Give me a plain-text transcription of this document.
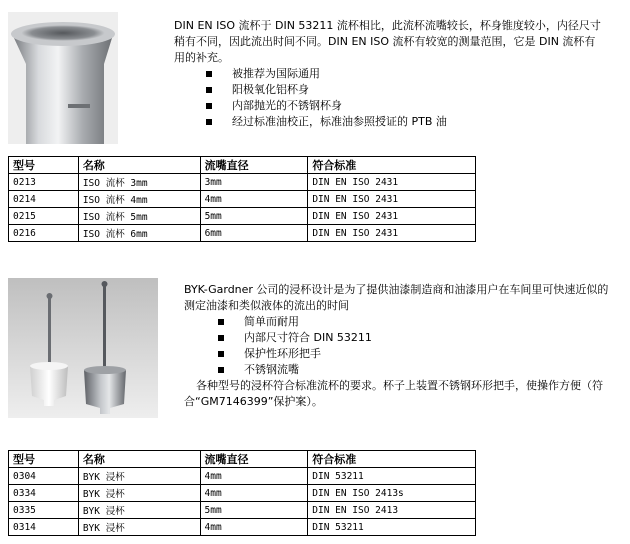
DIN EN ISO 流杯于 DIN 53211 流杯相比，此流杯流嘴较长，杯身锥度较小，内径尺寸稍有不同，因此流出时间不同。DIN EN ISO 流杯有较宽的测量范围，它是 DIN 流杯有用的补充。

被推荐为国际通用
阳极氧化铝杯身
内部抛光的不锈钢杯身
经过标准油校正，标准油参照授证的 PTB 油
型号	名称	流嘴直径	符合标准
0213	ISO 流杯 3mm	3mm	DIN EN ISO 2431
0214	ISO 流杯 4mm	4mm	DIN EN ISO 2431
0215	ISO 流杯 5mm	5mm	DIN EN ISO 2431
0216	ISO 流杯 6mm	6mm	DIN EN ISO 2431

BYK-Gardner 公司的浸杯设计是为了提供油漆制造商和油漆用户在车间里可快速近似的测定油漆和类似液体的流出的时间

简单而耐用
内部尺寸符合 DIN 53211
保护性环形把手
不锈钢流嘴

各种型号的浸杯符合标准流杯的要求。杯子上装置不锈钢环形把手，使操作方便（符合“GM7146399”保护案）。

型号	名称	流嘴直径	符合标准
0304	BYK 浸杯	4mm	DIN 53211
0334	BYK 浸杯	4mm	DIN EN ISO 2413s
0335	BYK 浸杯	5mm	DIN EN ISO 2413
0314	BYK 浸杯	4mm	DIN 53211
